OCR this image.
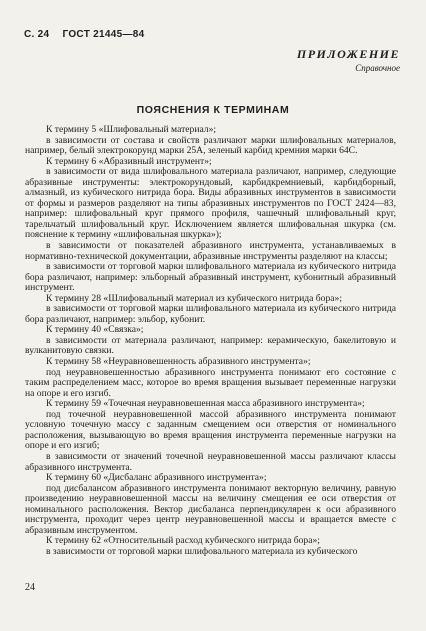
С. 24 ГОСТ 21445—84
ПРИЛОЖЕНИЕ
Справочное
ПОЯСНЕНИЯ К ТЕРМИНАМ

К термину 5 «Шлифовальный материал»;

в зависимости от состава и свойств различают марки шлифовальных материалов, например, белый электрокорунд марки 25А, зеленый карбид кремния марки 64С.

К термину 6 «Абразивный инструмент»;

в зависимости от вида шлифовального материала различают, например, следующие абразивные инструменты: электрокорундовый, карбидкремниевый, карбидборный, алмазный, из кубического нитрида бора. Виды абразивных инструментов в зависимости от формы и размеров разделяют на типы абразивных инструментов по ГОСТ 2424—83, например: шлифовальный круг прямого профиля, чашечный шлифовальный круг, тарельчатый шлифовальный круг. Исключением является шлифовальная шкурка (см. пояснение к термину «шлифовальная шкурка»);

в зависимости от показателей абразивного инструмента, устанавливаемых в нормативно-технической документации, абразивные инструменты разделяют на классы;

в зависимости от торговой марки шлифовального материала из кубического нитрида бора различают, например: эльборный абразивный инструмент, кубонитный абразивный инструмент.

К термину 28 «Шлифовальный материал из кубического нитрида бора»;

в зависимости от торговой марки шлифовального материала из кубического нитрида бора различают, например: эльбор, кубонит.

К термину 40 «Связка»;

в зависимости от материала различают, например: керамическую, бакелитовую и вулканитовую связки.

К термину 58 «Неуравновешенность абразивного инструмента»;

под неуравновешенностью абразивного инструмента понимают его состояние с таким распределением масс, которое во время вращения вызывает переменные нагрузки на опоре и его изгиб.

К термину 59 «Точечная неуравновешенная масса абразивного инструмента»;

под точечной неуравновешенной массой абразивного инструмента понимают условную точечную массу с заданным смещением оси отверстия от номинального расположения, вызывающую во время вращения инструмента переменные нагрузки на опоре и его изгиб;

в зависимости от значений точечной неуравновешенной массы различают классы абразивного инструмента.

К термину 60 «Дисбаланс абразивного инструмента»;

под дисбалансом абразивного инструмента понимают векторную величину, равную произведению неуравновешенной массы на величину смещения ее оси отверстия от номинального расположения. Вектор дисбаланса перпендикулярен к оси абразивного инструмента, проходит через центр неуравновешенной массы и вращается вместе с абразивным инструментом.

К термину 62 «Относительный расход кубического нитрида бора»;

в зависимости от торговой марки шлифовального материала из кубического

24
